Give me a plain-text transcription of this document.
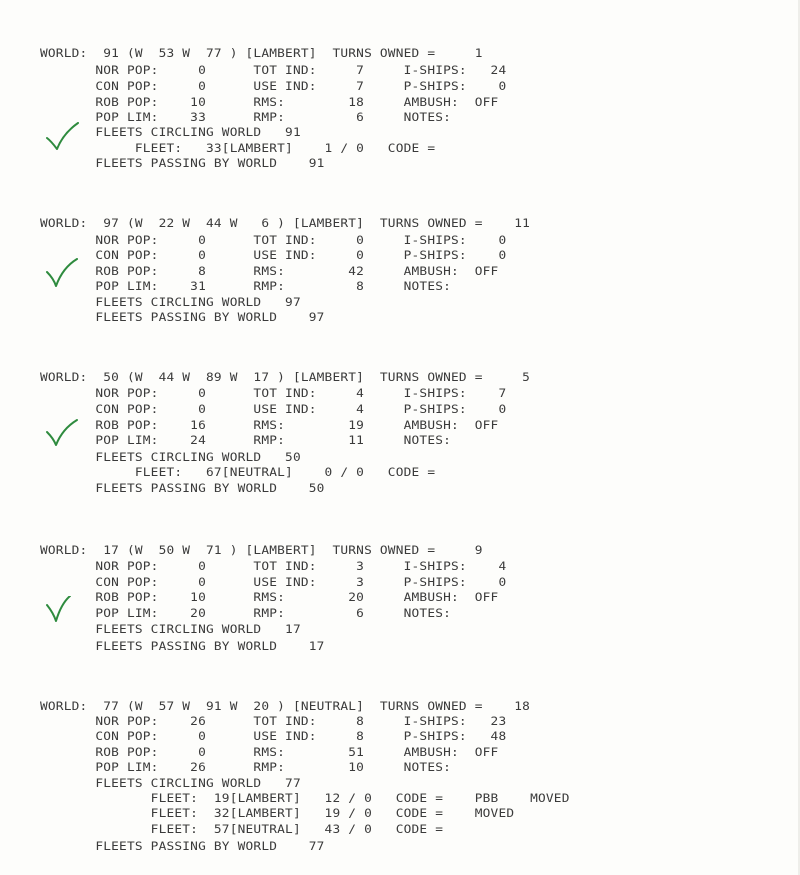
WORLD:  91 (W  53 W  77 ) [LAMBERT]  TURNS OWNED =     1
NOR POP:     0      TOT IND:     7     I-SHIPS:   24
CON POP:     0      USE IND:     7     P-SHIPS:    0
ROB POP:    10      RMS:        18     AMBUSH:  OFF
POP LIM:    33      RMP:         6     NOTES:
FLEETS CIRCLING WORLD   91
FLEET:   33[LAMBERT]    1 / 0   CODE =
FLEETS PASSING BY WORLD    91
WORLD:  97 (W  22 W  44 W   6 ) [LAMBERT]  TURNS OWNED =    11
NOR POP:     0      TOT IND:     0     I-SHIPS:    0
CON POP:     0      USE IND:     0     P-SHIPS:    0
ROB POP:     8      RMS:        42     AMBUSH:  OFF
POP LIM:    31      RMP:         8     NOTES:
FLEETS CIRCLING WORLD   97
FLEETS PASSING BY WORLD    97
WORLD:  50 (W  44 W  89 W  17 ) [LAMBERT]  TURNS OWNED =     5
NOR POP:     0      TOT IND:     4     I-SHIPS:    7
CON POP:     0      USE IND:     4     P-SHIPS:    0
ROB POP:    16      RMS:        19     AMBUSH:  OFF
POP LIM:    24      RMP:        11     NOTES:
FLEETS CIRCLING WORLD   50
FLEET:   67[NEUTRAL]    0 / 0   CODE =
FLEETS PASSING BY WORLD    50
WORLD:  17 (W  50 W  71 ) [LAMBERT]  TURNS OWNED =     9
NOR POP:     0      TOT IND:     3     I-SHIPS:    4
CON POP:     0      USE IND:     3     P-SHIPS:    0
ROB POP:    10      RMS:        20     AMBUSH:  OFF
POP LIM:    20      RMP:         6     NOTES:
FLEETS CIRCLING WORLD   17
FLEETS PASSING BY WORLD    17
WORLD:  77 (W  57 W  91 W  20 ) [NEUTRAL]  TURNS OWNED =    18
NOR POP:    26      TOT IND:     8     I-SHIPS:   23
CON POP:     0      USE IND:     8     P-SHIPS:   48
ROB POP:     0      RMS:        51     AMBUSH:  OFF
POP LIM:    26      RMP:        10     NOTES:
FLEETS CIRCLING WORLD   77
FLEET:  19[LAMBERT]   12 / 0   CODE =    PBB    MOVED
FLEET:  32[LAMBERT]   19 / 0   CODE =    MOVED
FLEET:  57[NEUTRAL]   43 / 0   CODE =
FLEETS PASSING BY WORLD    77
